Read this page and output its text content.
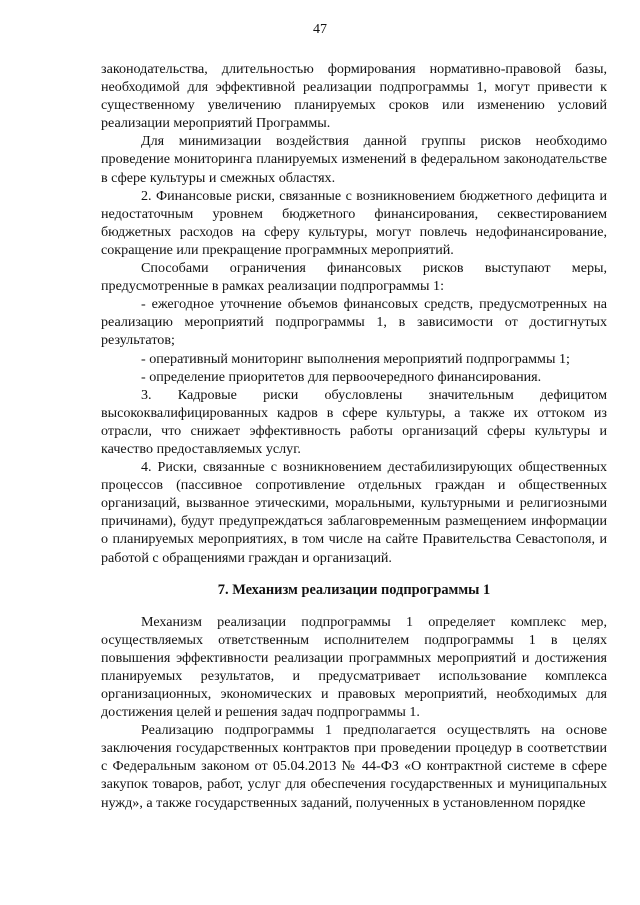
47

законодательства, длительностью формирования нормативно-правовой базы, необходимой для эффективной реализации подпрограммы 1, могут привести к существенному увеличению планируемых сроков или изменению условий реализации мероприятий Программы.

Для минимизации воздействия данной группы рисков необходимо проведение мониторинга планируемых изменений в федеральном законодательстве в сфере культуры и смежных областях.

2. Финансовые риски, связанные с возникновением бюджетного дефицита и недостаточным уровнем бюджетного финансирования, секвестированием бюджетных расходов на сферу культуры, могут повлечь недофинансирование, сокращение или прекращение программных мероприятий.

Способами ограничения финансовых рисков выступают меры, предусмотренные в рамках реализации подпрограммы 1:

- ежегодное уточнение объемов финансовых средств, предусмотренных на реализацию мероприятий подпрограммы 1, в зависимости от достигнутых результатов;

- оперативный мониторинг выполнения мероприятий подпрограммы 1;

- определение приоритетов для первоочередного финансирования.

3. Кадровые риски обусловлены значительным дефицитом высококвалифицированных кадров в сфере культуры, а также их оттоком из отрасли, что снижает эффективность работы организаций сферы культуры и качество предоставляемых услуг.

4. Риски, связанные с возникновением дестабилизирующих общественных процессов (пассивное сопротивление отдельных граждан и общественных организаций, вызванное этическими, моральными, культурными и религиозными причинами), будут предупреждаться заблаговременным размещением информации о планируемых мероприятиях, в том числе на сайте Правительства Севастополя, и работой с обращениями граждан и организаций.

7. Механизм реализации подпрограммы 1

Механизм реализации подпрограммы 1 определяет комплекс мер, осуществляемых ответственным исполнителем подпрограммы 1 в целях повышения эффективности реализации программных мероприятий и достижения планируемых результатов, и предусматривает использование комплекса организационных, экономических и правовых мероприятий, необходимых для достижения целей и решения задач подпрограммы 1.

Реализацию подпрограммы 1 предполагается осуществлять на основе заключения государственных контрактов при проведении процедур в соответствии с Федеральным законом от 05.04.2013 № 44-ФЗ «О контрактной системе в сфере закупок товаров, работ, услуг для обеспечения государственных и муниципальных нужд», а также государственных заданий, полученных в установленном порядке
